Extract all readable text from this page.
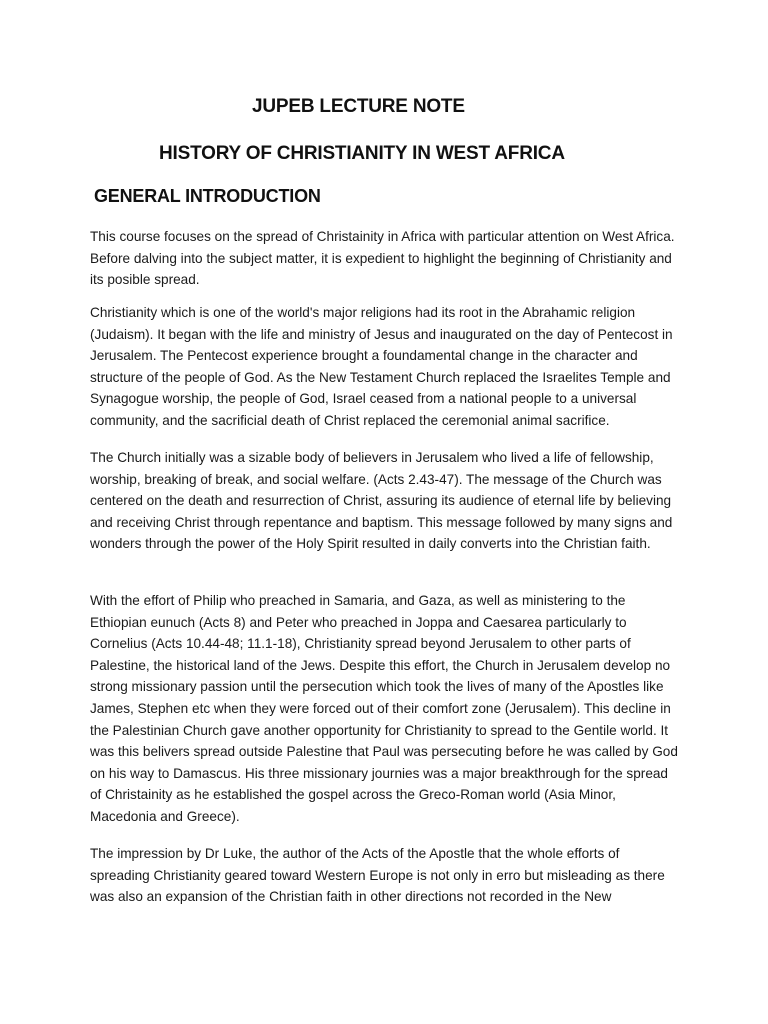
JUPEB LECTURE NOTE
HISTORY OF CHRISTIANITY IN WEST AFRICA
GENERAL INTRODUCTION

This course focuses on the spread of Christainity in Africa with particular attention on West Africa. Before dalving into the subject matter, it is expedient to highlight the beginning of Christianity and its posible spread.

Christianity which is one of the world's major religions had its root in the Abrahamic religion (Judaism). It began with the life and ministry of Jesus and inaugurated on the day of Pentecost in Jerusalem. The Pentecost experience brought a foundamental change in the character and structure of the people of God. As the New Testament Church replaced the Israelites Temple and Synagogue worship, the people of God, Israel ceased from a national people to a universal community, and the sacrificial death of Christ replaced the ceremonial animal sacrifice.

The Church initially was a sizable body of believers in Jerusalem who lived a life of fellowship, worship, breaking of break, and social welfare. (Acts 2.43-47). The message of the Church was centered on the death and resurrection of Christ, assuring its audience of eternal life by believing and receiving Christ through repentance and baptism. This message followed by many signs and wonders through the power of the Holy Spirit resulted in daily converts into the Christian faith.

With the effort of Philip who preached in Samaria, and Gaza, as well as ministering to the Ethiopian eunuch (Acts 8) and Peter who preached in Joppa and Caesarea particularly to Cornelius (Acts 10.44-48; 11.1-18), Christianity spread beyond Jerusalem to other parts of Palestine, the historical land of the Jews. Despite this effort, the Church in Jerusalem develop no strong missionary passion until the persecution which took the lives of many of the Apostles like James, Stephen etc when they were forced out of their comfort zone (Jerusalem). This decline in the Palestinian Church gave another opportunity for Christianity to spread to the Gentile world. It was this belivers spread outside Palestine that Paul was persecuting before he was called by God on his way to Damascus. His three missionary journies was a major breakthrough for the spread of Christainity as he established the gospel across the Greco-Roman world (Asia Minor, Macedonia and Greece).

The impression by Dr Luke, the author of the Acts of the Apostle that the whole efforts of spreading Christianity geared toward Western Europe is not only in erro but misleading as there was also an expansion of the Christian faith in other directions not recorded in the New
